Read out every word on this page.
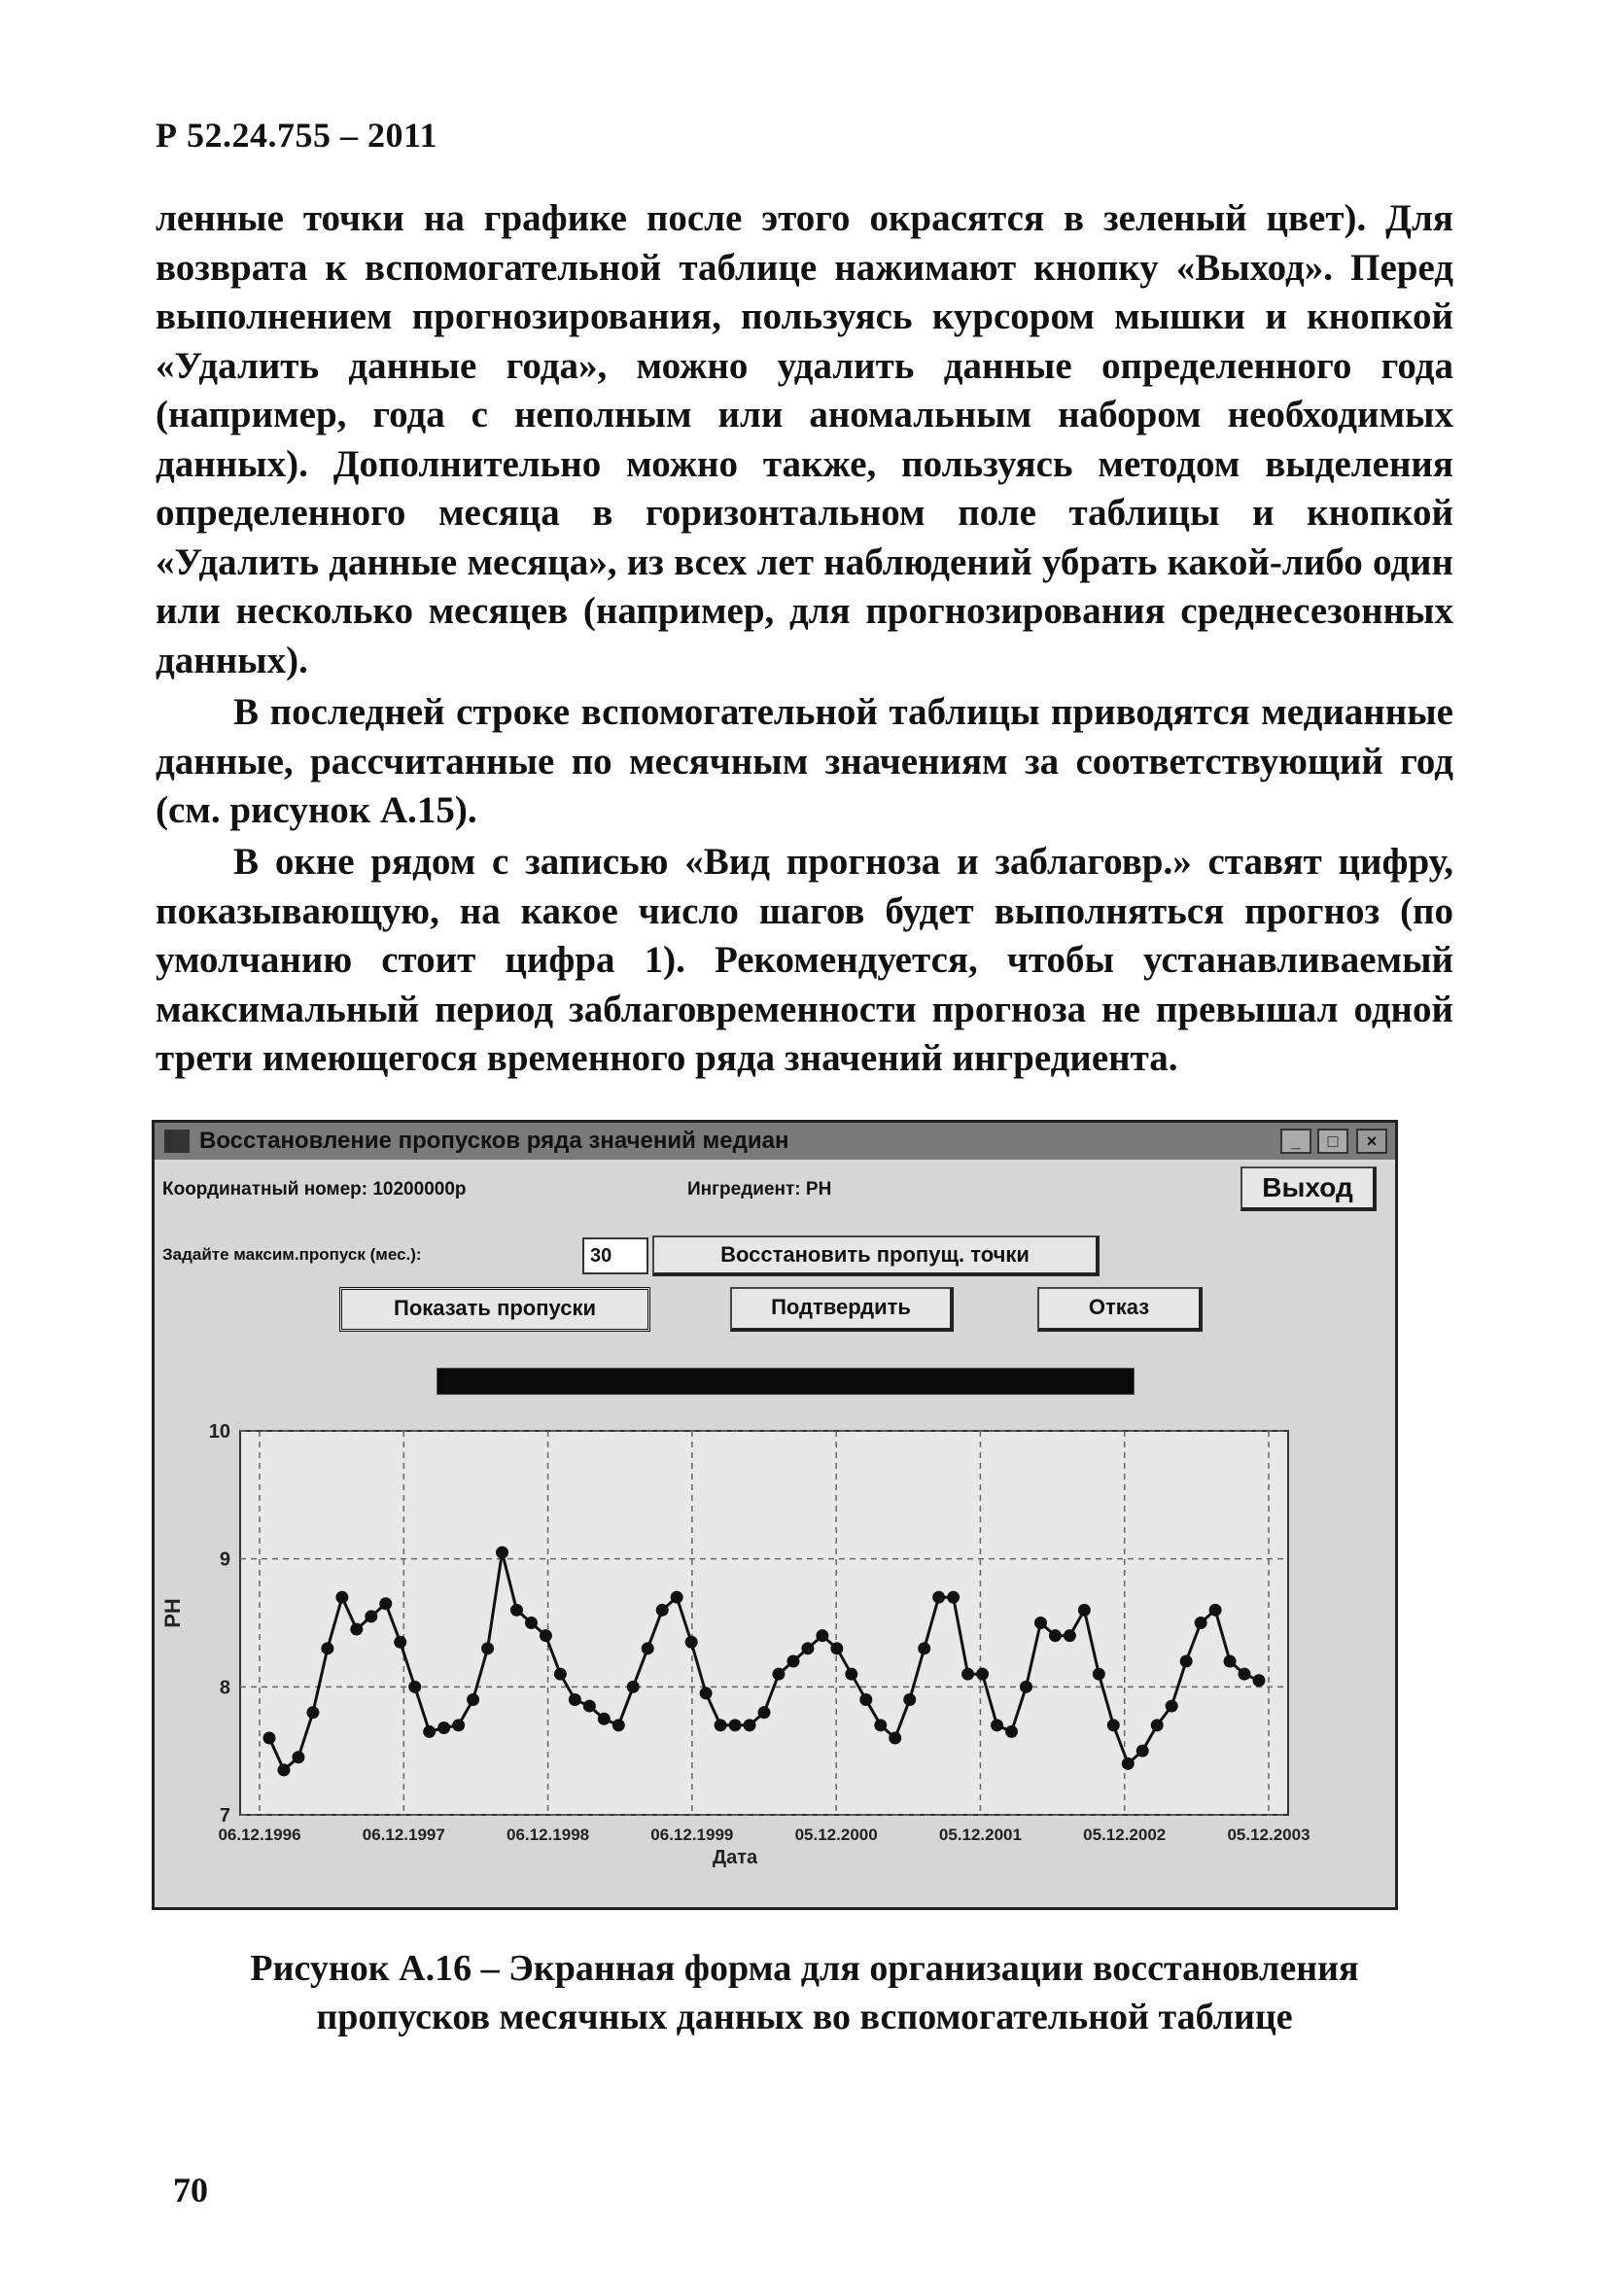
Р 52.24.755 – 2011

ленные точки на графике после этого окрасятся в зеленый цвет). Для возврата к вспомогательной таблице нажимают кнопку «Выход». Перед выполнением прогнозирования, пользуясь курсором мышки и кнопкой «Удалить данные года», можно удалить данные определенного года (например, года с неполным или аномальным набором необходимых данных). Дополнительно можно также, пользуясь методом выделения определенного месяца в горизонтальном поле таблицы и кнопкой «Удалить данные месяца», из всех лет наблюдений убрать какой-либо один или несколько месяцев (например, для прогнозирования среднесезонных данных).

В последней строке вспомогательной таблицы приводятся медианные данные, рассчитанные по месячным значениям за соответствующий год (см. рисунок А.15).

В окне рядом с записью «Вид прогноза и заблаговр.» ставят цифру, показывающую, на какое число шагов будет выполняться прогноз (по умолчанию стоит цифра 1). Рекомендуется, чтобы устанавливаемый максимальный период заблаговременности прогноза не превышал одной трети имеющегося временного ряда значений ингредиента.

Восстановление пропусков ряда значений медиан	_	□	×
Координатный номер: 10200000р	Ингредиент: РН	Выход
Задайте максим.пропуск (мес.):	30	Восстановить пропущ. точки
Показать пропуски	Подтвердить	Отказ
7
8
9
10
06.12.1996	06.12.1997	06.12.1998	06.12.1999	05.12.2000	05.12.2001	05.12.2002	05.12.2003
РН
Дата
Рисунок А.16 – Экранная форма для организации восстановления
пропусков месячных данных во вспомогательной таблице
70
